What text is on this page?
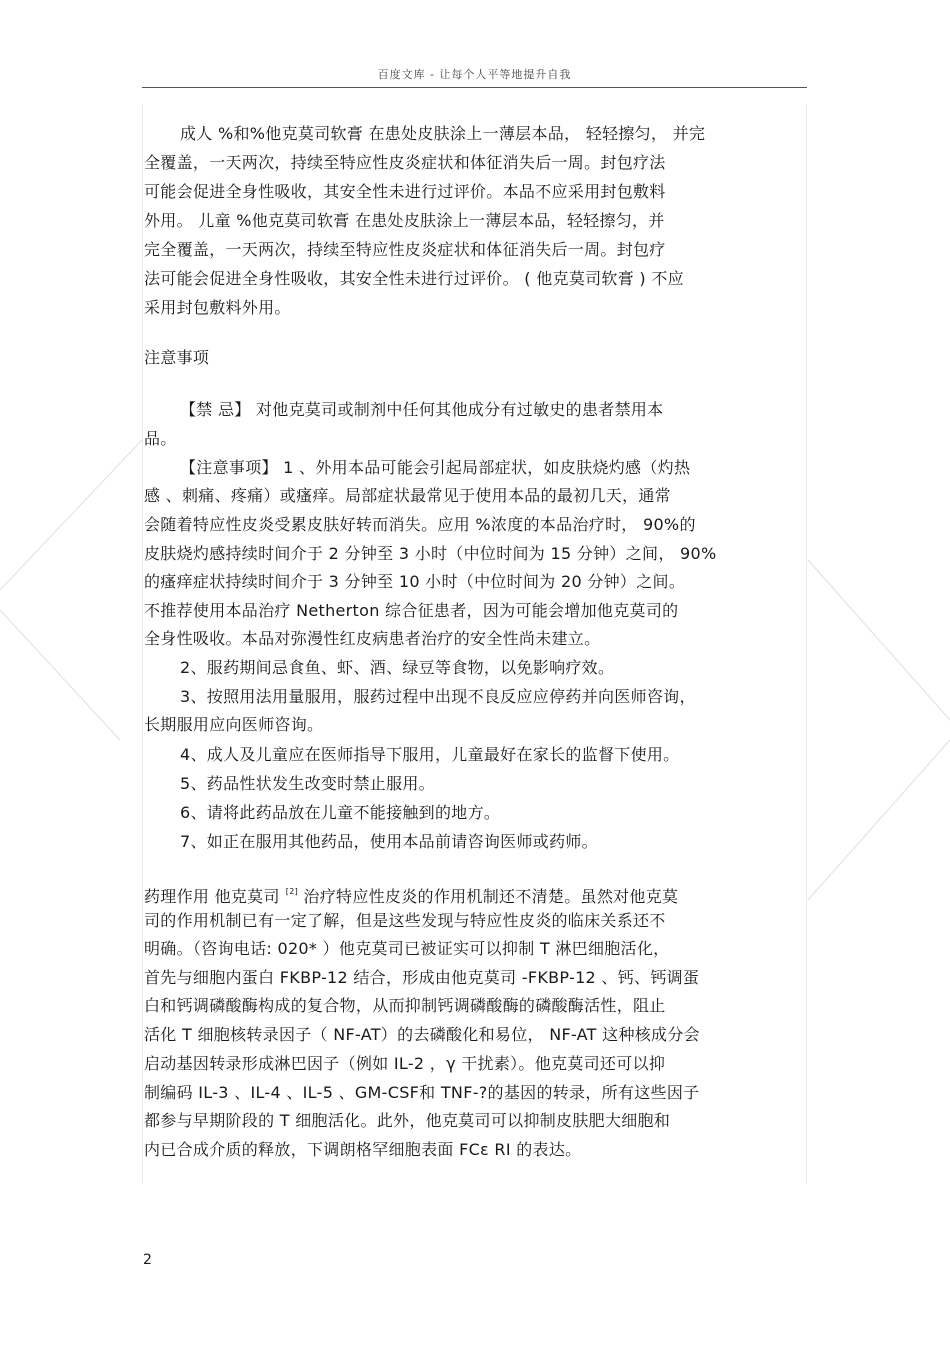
百度文库 - 让每个人平等地提升自我
成人 %和%他克莫司软膏 在患处皮肤涂上一薄层本品， 轻轻擦匀， 并完
全覆盖，一天两次，持续至特应性皮炎症状和体征消失后一周。封包疗法
可能会促进全身性吸收，其安全性未进行过评价。本品不应采用封包敷料
外用。 儿童 %他克莫司软膏 在患处皮肤涂上一薄层本品，轻轻擦匀，并
完全覆盖，一天两次，持续至特应性皮炎症状和体征消失后一周。封包疗
法可能会促进全身性吸收，其安全性未进行过评价。 ( 他克莫司软膏 ) 不应
采用封包敷料外用。
注意事项
【禁 忌】 对他克莫司或制剂中任何其他成分有过敏史的患者禁用本
品。
【注意事项】 1 、外用本品可能会引起局部症状，如皮肤烧灼感（灼热
感 、刺痛、疼痛）或瘙痒。局部症状最常见于使用本品的最初几天，通常
会随着特应性皮炎受累皮肤好转而消失。应用 %浓度的本品治疗时， 90%的
皮肤烧灼感持续时间介于 2 分钟至 3 小时（中位时间为 15 分钟）之间， 90%
的瘙痒症状持续时间介于 3 分钟至 10 小时（中位时间为 20 分钟）之间。
不推荐使用本品治疗 Netherton 综合征患者，因为可能会增加他克莫司的
全身性吸收。本品对弥漫性红皮病患者治疗的安全性尚未建立。
2、服药期间忌食鱼、虾、酒、绿豆等食物，以免影响疗效。
3、按照用法用量服用，服药过程中出现不良反应应停药并向医师咨询，
长期服用应向医师咨询。
4、成人及儿童应在医师指导下服用，儿童最好在家长的监督下使用。
5、药品性状发生改变时禁止服用。
6、请将此药品放在儿童不能接触到的地方。
7、如正在服用其他药品，使用本品前请咨询医师或药师。
药理作用 他克莫司 [2] 治疗特应性皮炎的作用机制还不清楚。虽然对他克莫
司的作用机制已有一定了解，但是这些发现与特应性皮炎的临床关系还不
明确。（咨询电话: 020* ）他克莫司已被证实可以抑制 T 淋巴细胞活化，
首先与细胞内蛋白 FKBP-12 结合，形成由他克莫司 -FKBP-12 、钙、钙调蛋
白和钙调磷酸酶构成的复合物，从而抑制钙调磷酸酶的磷酸酶活性，阻止
活化 T 细胞核转录因子（ NF-AT）的去磷酸化和易位， NF-AT 这种核成分会
启动基因转录形成淋巴因子（例如 IL-2 ，γ 干扰素）。他克莫司还可以抑
制编码 IL-3 、IL-4 、IL-5 、GM-CSF和 TNF-?的基因的转录，所有这些因子
都参与早期阶段的 T 细胞活化。此外，他克莫司可以抑制皮肤肥大细胞和
内已合成介质的释放，下调朗格罕细胞表面 FCε RI 的表达。
2
